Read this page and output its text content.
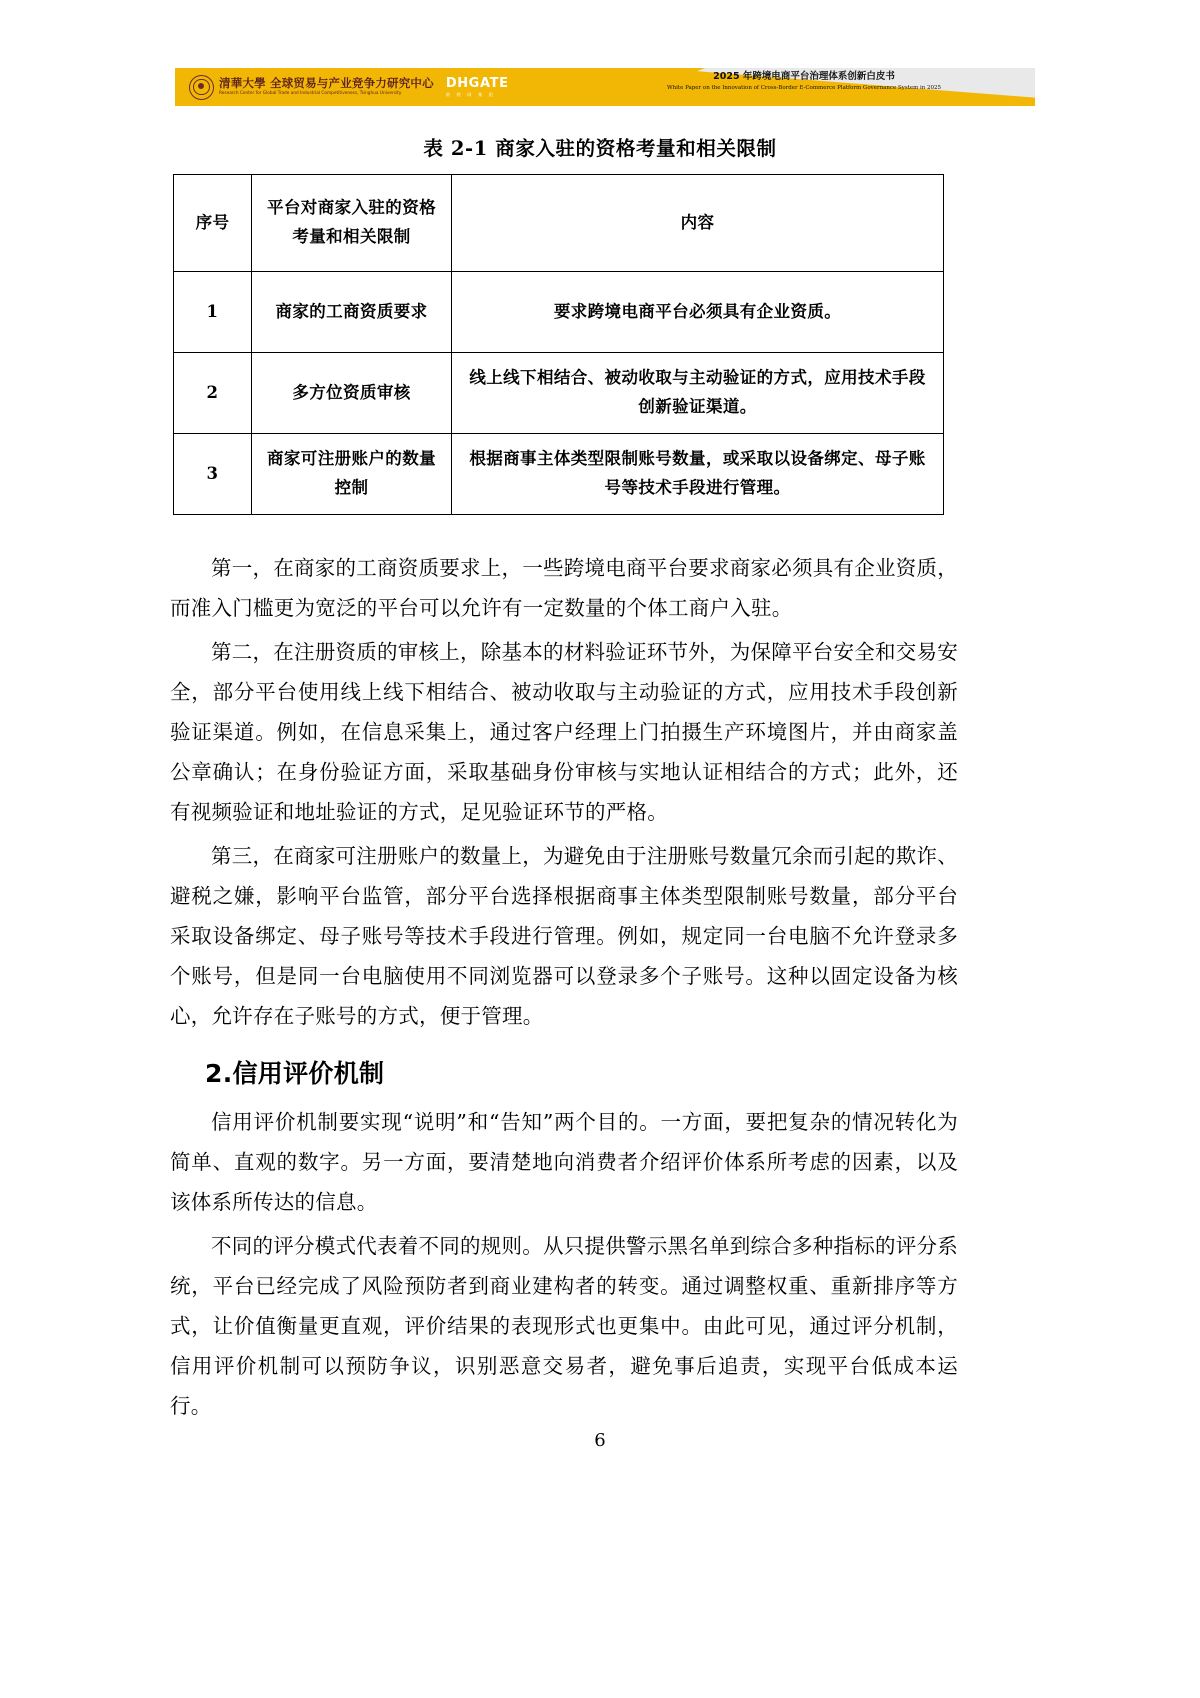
清華大學 全球贸易与产业竞争力研究中心
Research Center for Global Trade and Industrial Competitiveness, Tsinghua University
DHGATE
敦 煌 网 集 团
2025 年跨境电商平台治理体系创新白皮书
White Paper on the Innovation of Cross-Border E-Commerce Platform Governance System in 2025
表 2-1 商家入驻的资格考量和相关限制
序号	平台对商家入驻的资格考量和相关限制	内容
1	商家的工商资质要求	要求跨境电商平台必须具有企业资质。
2	多方位资质审核	线上线下相结合、被动收取与主动验证的方式，应用技术手段创新验证渠道。
3	商家可注册账户的数量控制	根据商事主体类型限制账号数量，或采取以设备绑定、母子账号等技术手段进行管理。

第一，在商家的工商资质要求上，一些跨境电商平台要求商家必须具有企业资质，而准入门槛更为宽泛的平台可以允许有一定数量的个体工商户入驻。

第二，在注册资质的审核上，除基本的材料验证环节外，为保障平台安全和交易安全，部分平台使用线上线下相结合、被动收取与主动验证的方式，应用技术手段创新验证渠道。例如，在信息采集上，通过客户经理上门拍摄生产环境图片，并由商家盖公章确认；在身份验证方面，采取基础身份审核与实地认证相结合的方式；此外，还有视频验证和地址验证的方式，足见验证环节的严格。

第三，在商家可注册账户的数量上，为避免由于注册账号数量冗余而引起的欺诈、避税之嫌，影响平台监管，部分平台选择根据商事主体类型限制账号数量，部分平台采取设备绑定、母子账号等技术手段进行管理。例如，规定同一台电脑不允许登录多个账号，但是同一台电脑使用不同浏览器可以登录多个子账号。这种以固定设备为核心，允许存在子账号的方式，便于管理。

2.信用评价机制

信用评价机制要实现“说明”和“告知”两个目的。一方面，要把复杂的情况转化为简单、直观的数字。另一方面，要清楚地向消费者介绍评价体系所考虑的因素，以及该体系所传达的信息。

不同的评分模式代表着不同的规则。从只提供警示黑名单到综合多种指标的评分系统，平台已经完成了风险预防者到商业建构者的转变。通过调整权重、重新排序等方式，让价值衡量更直观，评价结果的表现形式也更集中。由此可见，通过评分机制，信用评价机制可以预防争议，识别恶意交易者，避免事后追责，实现平台低成本运行。

6
